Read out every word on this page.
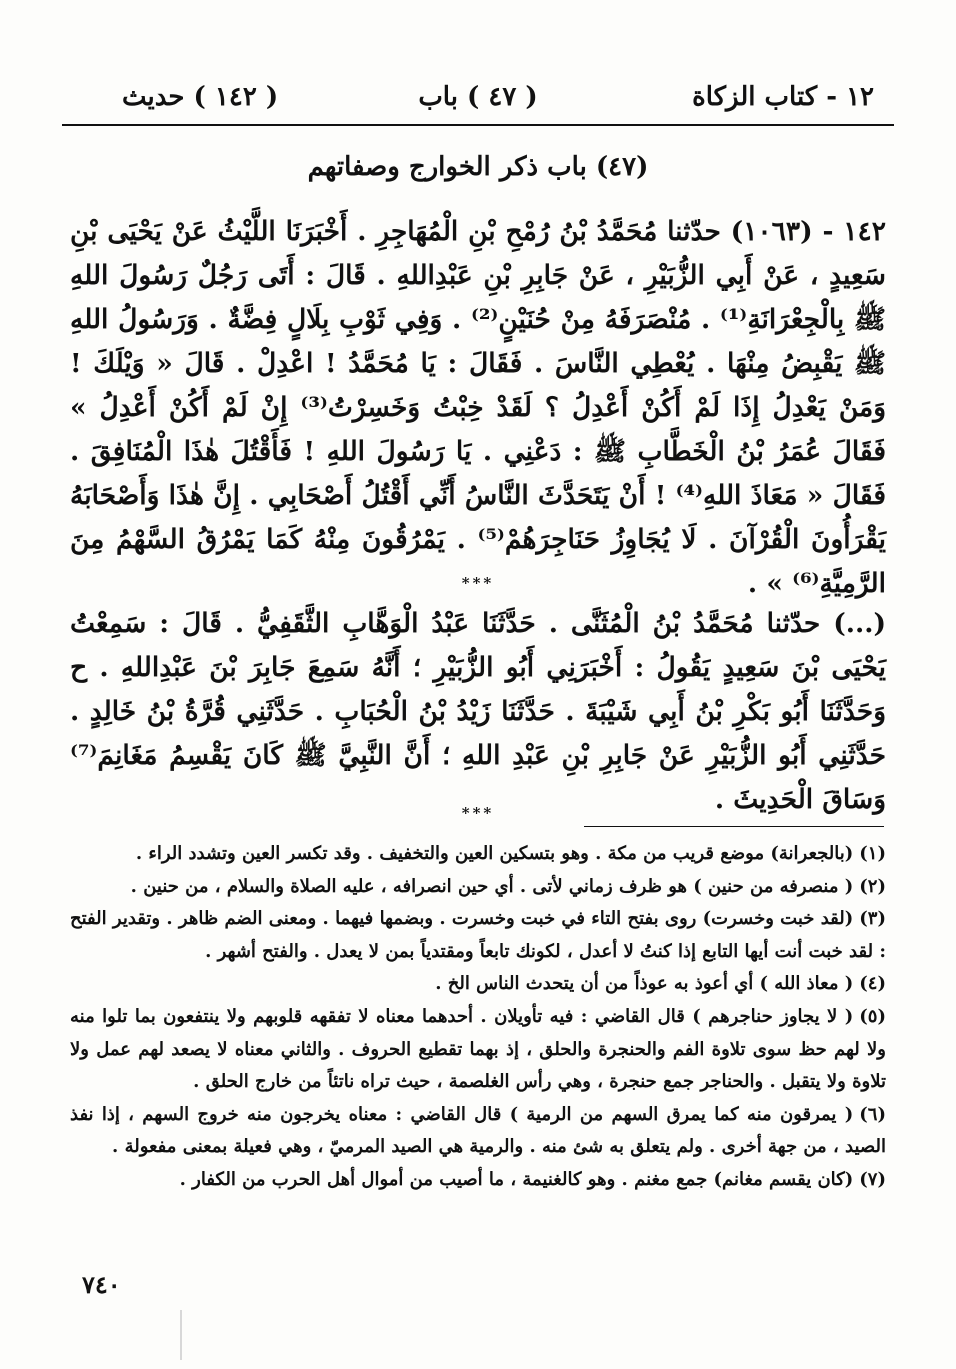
١٢ - كتاب الزكاة
( ٤٧ ) باب
( ١٤٢ ) حديث
(٤٧) باب ذكر الخوارج وصفاتهم
١٤٢ - (١٠٦٣) حدّثنا مُحَمَّدُ بْنُ رُمْحِ بْنِ الْمُهَاجِرِ . أَخْبَرَنَا اللَّيْثُ عَنْ يَحْيَى بْنِ سَعِيدٍ ، عَنْ أَبِي الزُّبَيْرِ ، عَنْ جَابِرِ بْنِ عَبْدِاللهِ . قَالَ : أَتَى رَجُلٌ رَسُولَ اللهِ ﷺ بِالْجِعْرَانَةِ⁽¹⁾ . مُنْصَرَفَهُ مِنْ حُنَيْنٍ⁽²⁾ . وَفِي ثَوْبِ بِلَالٍ فِضَّةٌ . وَرَسُولُ اللهِ ﷺ يَقْبِضُ مِنْهَا . يُعْطِي النَّاسَ . فَقَالَ : يَا مُحَمَّدُ ! اعْدِلْ . قَالَ « وَيْلَكَ ! وَمَنْ يَعْدِلُ إِذَا لَمْ أَكُنْ أَعْدِلُ ؟ لَقَدْ خِبْتُ وَخَسِرْتُ⁽³⁾ إِنْ لَمْ أَكُنْ أَعْدِلُ » فَقَالَ عُمَرُ بْنُ الْخَطَّابِ ﷺ : دَعْنِي . يَا رَسُولَ اللهِ ! فَأَقْتُلَ هٰذَا الْمُنَافِقَ . فَقَالَ « مَعَاذَ اللهِ⁽⁴⁾ ! أَنْ يَتَحَدَّثَ النَّاسُ أَنِّي أَقْتُلُ أَصْحَابِي . إِنَّ هٰذَا وَأَصْحَابَهُ يَقْرَأُونَ الْقُرْآنَ . لَا يُجَاوِزُ حَنَاجِرَهُمْ⁽⁵⁾ . يَمْرُقُونَ مِنْهُ كَمَا يَمْرُقُ السَّهْمُ مِنَ الرَّمِيَّةِ⁽⁶⁾ » .
***
(...) حدّثنا مُحَمَّدُ بْنُ الْمُثَنَّى . حَدَّثَنَا عَبْدُ الْوَهَّابِ الثَّقَفِيُّ . قَالَ : سَمِعْتُ يَحْيَى بْنَ سَعِيدٍ يَقُولُ : أَخْبَرَنِي أَبُو الزُّبَيْرِ ؛ أَنَّهُ سَمِعَ جَابِرَ بْنَ عَبْدِاللهِ . ح وَحَدَّثَنَا أَبُو بَكْرِ بْنُ أَبِي شَيْبَةَ . حَدَّثَنَا زَيْدُ بْنُ الْحُبَابِ . حَدَّثَنِي قُرَّةُ بْنُ خَالِدٍ . حَدَّثَنِي أَبُو الزُّبَيْرِ عَنْ جَابِرِ بْنِ عَبْدِ اللهِ ؛ أَنَّ النَّبِيَّ ﷺ كَانَ يَقْسِمُ مَغَانِمَ⁽⁷⁾ وَسَاقَ الْحَدِيثَ .
***
(١)(بالجعرانة) موضع قريب من مكة . وهو بتسكين العين والتخفيف . وقد تكسر العين وتشدد الراء .
(٢)( منصرفه من حنين ) هو ظرف زماني لأتى . أي حين انصرافه ، عليه الصلاة والسلام ، من حنين .
(٣)(لقد خبت وخسرت) روى بفتح التاء في خبت وخسرت . وبضمها فيهما . ومعنى الضم ظاهر . وتقدير الفتح : لقد خبت أنت أيها التابع إذا كنتُ لا أعدل ، لكونك تابعاً ومقتدياً بمن لا يعدل . والفتح أشهر .
(٤)( معاذ الله ) أي أعوذ به عوذاً من أن يتحدث الناس الخ .
(٥)( لا يجاوز حناجرهم ) قال القاضي : فيه تأويلان . أحدهما معناه لا تفقهه قلوبهم ولا ينتفعون بما تلوا منه ولا لهم حظ سوى تلاوة الفم والحنجرة والحلق ، إذ بهما تقطيع الحروف . والثاني معناه لا يصعد لهم عمل ولا تلاوة ولا يتقبل . والحناجر جمع حنجرة ، وهي رأس الغلصمة ، حيث تراه ناتئاً من خارج الحلق .
(٦)( يمرقون منه كما يمرق السهم من الرمية ) قال القاضي : معناه يخرجون منه خروج السهم ، إذا نفذ الصيد ، من جهة أخرى . ولم يتعلق به شئ منه . والرمية هي الصيد المرميّ ، وهي فعيلة بمعنى مفعولة .
(٧)(كان يقسم مغانم) جمع مغنم . وهو كالغنيمة ، ما أصيب من أموال أهل الحرب من الكفار .
٧٤٠
